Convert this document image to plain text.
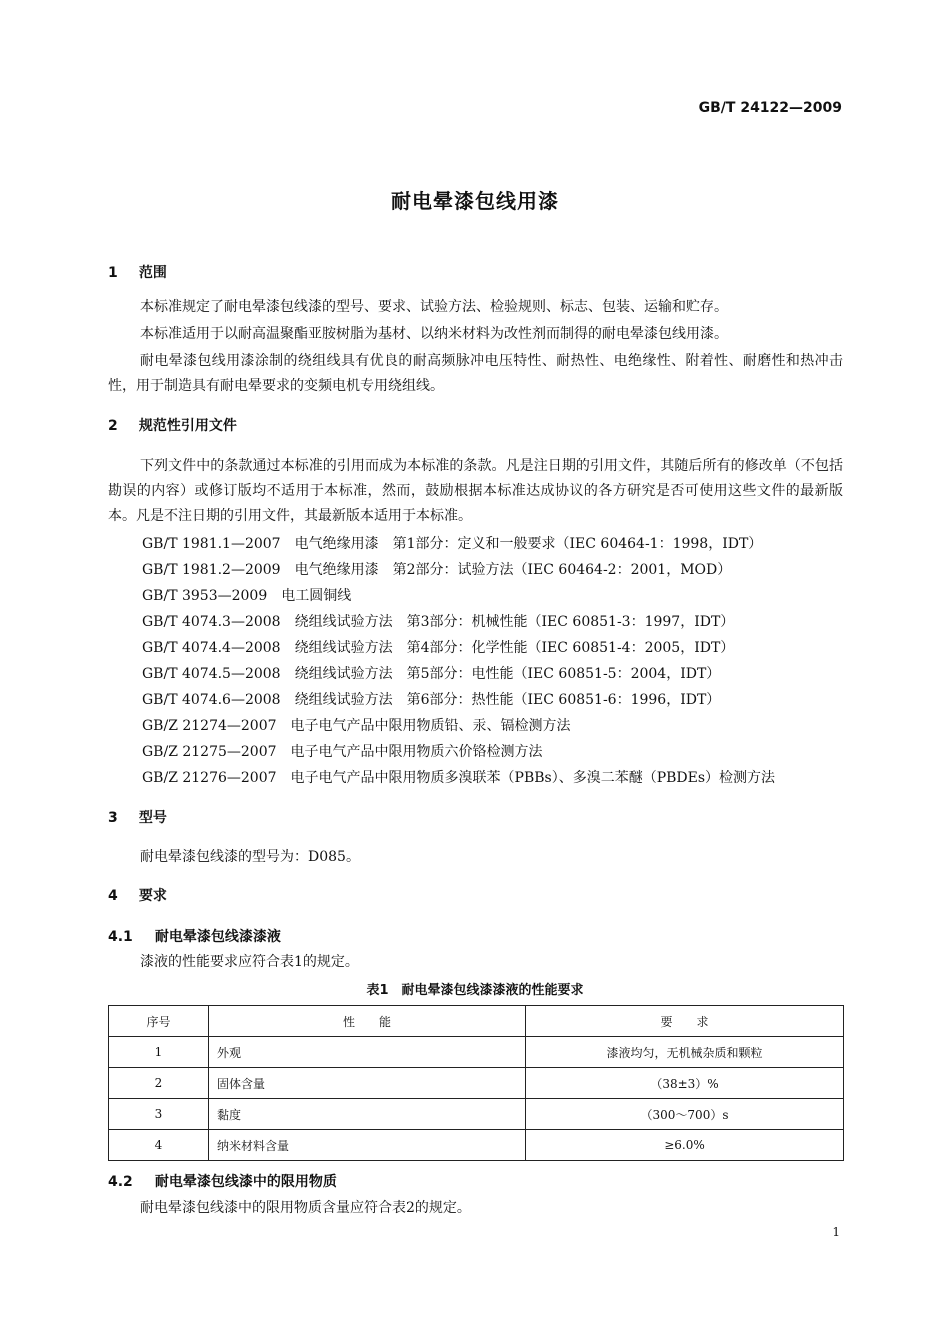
GB/T 24122—2009
耐电晕漆包线用漆
1 范围
本标准规定了耐电晕漆包线漆的型号、要求、试验方法、检验规则、标志、包装、运输和贮存。
本标准适用于以耐高温聚酯亚胺树脂为基材、以纳米材料为改性剂而制得的耐电晕漆包线用漆。
耐电晕漆包线用漆涂制的绕组线具有优良的耐高频脉冲电压特性、耐热性、电绝缘性、附着性、耐磨性和热冲击性，用于制造具有耐电晕要求的变频电机专用绕组线。
2 规范性引用文件
下列文件中的条款通过本标准的引用而成为本标准的条款。凡是注日期的引用文件，其随后所有的修改单（不包括勘误的内容）或修订版均不适用于本标准，然而，鼓励根据本标准达成协议的各方研究是否可使用这些文件的最新版本。凡是不注日期的引用文件，其最新版本适用于本标准。
GB/T 1981.1—2007 电气绝缘用漆　第1部分：定义和一般要求（IEC 60464-1：1998，IDT）
GB/T 1981.2—2009 电气绝缘用漆　第2部分：试验方法（IEC 60464-2：2001，MOD）
GB/T 3953—2009 电工圆铜线
GB/T 4074.3—2008 绕组线试验方法　第3部分：机械性能（IEC 60851-3：1997，IDT）
GB/T 4074.4—2008 绕组线试验方法　第4部分：化学性能（IEC 60851-4：2005，IDT）
GB/T 4074.5—2008 绕组线试验方法　第5部分：电性能（IEC 60851-5：2004，IDT）
GB/T 4074.6—2008 绕组线试验方法　第6部分：热性能（IEC 60851-6：1996，IDT）
GB/Z 21274—2007 电子电气产品中限用物质铅、汞、镉检测方法
GB/Z 21275—2007 电子电气产品中限用物质六价铬检测方法
GB/Z 21276—2007 电子电气产品中限用物质多溴联苯（PBBs）、多溴二苯醚（PBDEs）检测方法
3 型号
耐电晕漆包线漆的型号为：D085。
4 要求
4.1 耐电晕漆包线漆漆液
漆液的性能要求应符合表1的规定。
4.2 耐电晕漆包线漆中的限用物质
耐电晕漆包线漆中的限用物质含量应符合表2的规定。
表1　耐电晕漆包线漆漆液的性能要求
序号	性　　能	要　　求
1	外观	漆液均匀，无机械杂质和颗粒
2	固体含量	（38±3）%
3	黏度	（300～700）s
4	纳米材料含量	≥6.0%
1
